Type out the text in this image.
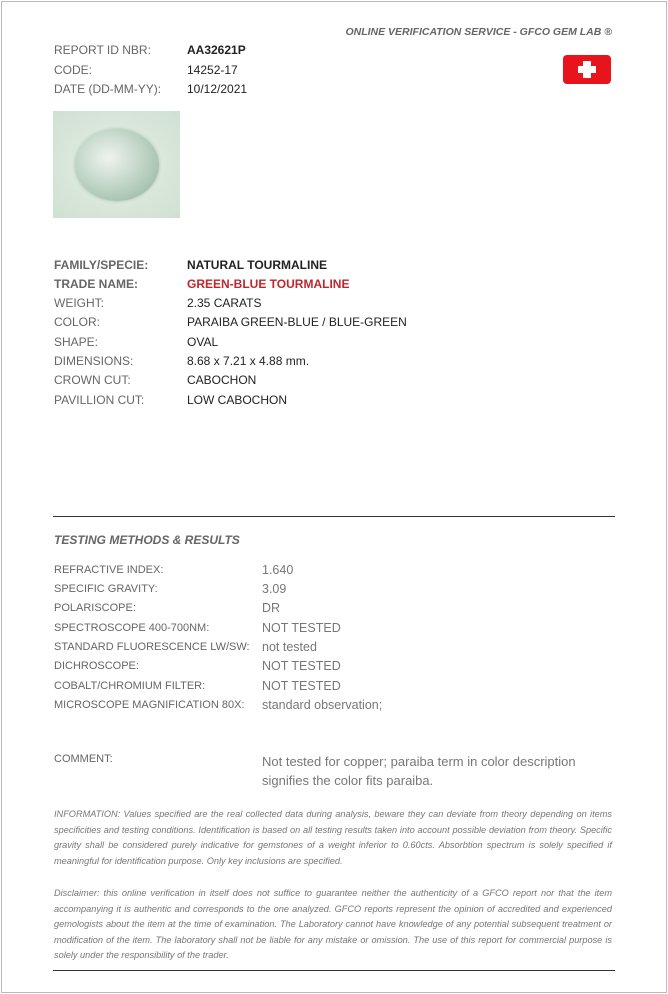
ONLINE VERIFICATION SERVICE - GFCO GEM LAB ®
REPORT ID NBR:	AA32621P
CODE:	14252-17
DATE (DD-MM-YY): 10/12/2021
FAMILY/SPECIE:	NATURAL TOURMALINE
TRADE NAME:	GREEN-BLUE TOURMALINE
WEIGHT:	2.35 CARATS
COLOR:	PARAIBA GREEN-BLUE / BLUE-GREEN
SHAPE:	OVAL
DIMENSIONS:	8.68 x 7.21 x 4.88 mm.
CROWN CUT:	CABOCHON
PAVILLION CUT:	LOW CABOCHON
TESTING METHODS & RESULTS
REFRACTIVE INDEX:	1.640
SPECIFIC GRAVITY:	3.09
POLARISCOPE:	DR
SPECTROSCOPE 400-700NM:	NOT TESTED
STANDARD FLUORESCENCE LW/SW: not tested
DICHROSCOPE:	NOT TESTED
COBALT/CHROMIUM FILTER:	NOT TESTED
MICROSCOPE MAGNIFICATION 80X: standard observation;
COMMENT:	Not tested for copper; paraiba term in color description signifies the color fits paraiba.
INFORMATION: Values specified are the real collected data during analysis, beware they can deviate from theory depending on items specificities and testing conditions. Identification is based on all testing results taken into account possible deviation from theory. Specific gravity shall be considered purely indicative for gemstones of a weight inferior to 0.60cts. Absorbtion spectrum is solely specified if meaningful for identification purpose. Only key inclusions are specified.
Disclaimer: this online verification in itself does not suffice to guarantee neither the authenticity of a GFCO report nor that the item accompanying it is authentic and corresponds to the one analyzed. GFCO reports represent the opinion of accredited and experienced gemologists about the item at the time of examination. The Laboratory cannot have knowledge of any potential subsequent treatment or modification of the item. The laboratory shall not be liable for any mistake or omission. The use of this report for commercial purpose is solely under the responsibility of the trader.
